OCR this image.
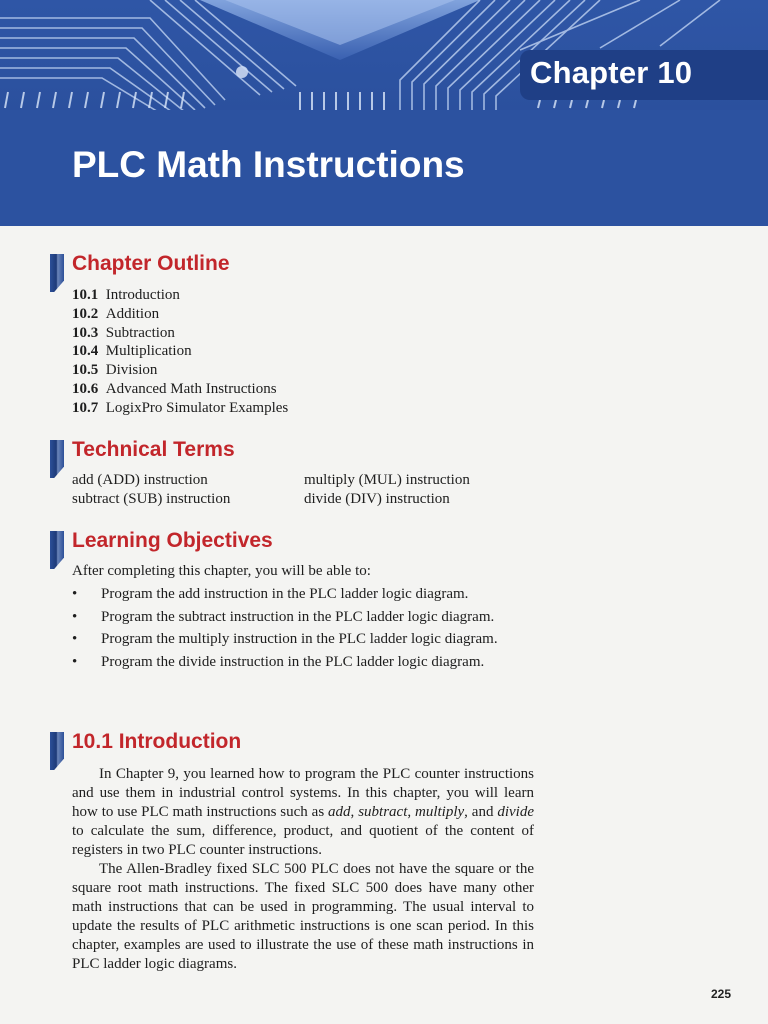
Chapter 10
PLC Math Instructions
Chapter Outline
10.1 Introduction
10.2 Addition
10.3 Subtraction
10.4 Multiplication
10.5 Division
10.6 Advanced Math Instructions
10.7 LogixPro Simulator Examples
Technical Terms
add (ADD) instruction	multiply (MUL) instruction
subtract (SUB) instruction	divide (DIV) instruction
Learning Objectives
After completing this chapter, you will be able to:
• Program the add instruction in the PLC ladder logic diagram.
• Program the subtract instruction in the PLC ladder logic diagram.
• Program the multiply instruction in the PLC ladder logic diagram.
• Program the divide instruction in the PLC ladder logic diagram.
10.1 Introduction

In Chapter 9, you learned how to program the PLC counter instructions and use them in industrial control systems. In this chapter, you will learn how to use PLC math instructions such as add, subtract, multiply, and divide to calculate the sum, difference, product, and quotient of the content of registers in two PLC counter instructions.

The Allen-Bradley fixed SLC 500 PLC does not have the square or the square root math instructions. The fixed SLC 500 does have many other math instructions that can be used in programming. The usual interval to update the results of PLC arithmetic instructions is one scan period. In this chapter, examples are used to illustrate the use of these math instructions in PLC ladder logic diagrams.

225
